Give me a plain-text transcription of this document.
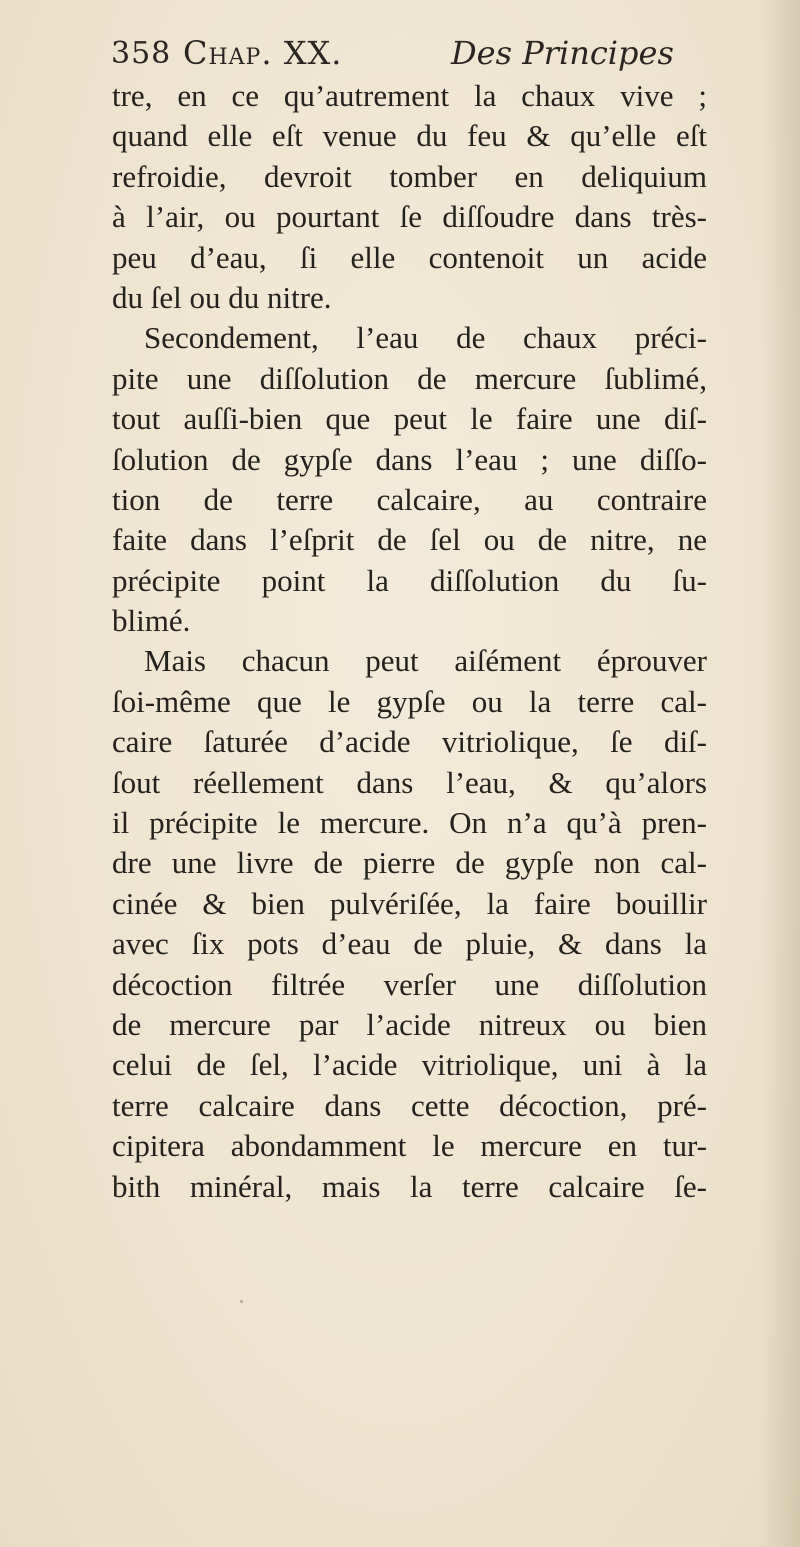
358 Chap. XX.	Des Principes
tre, en ce qu’autrement la chaux vive ;
quand elle eſt venue du feu & qu’elle eſt
refroidie, devroit tomber en deliquium
à l’air, ou pourtant ſe diſſoudre dans très-
peu d’eau, ſi elle contenoit un acide
du ſel ou du nitre.
Secondement, l’eau de chaux préci-
pite une diſſolution de mercure ſublimé,
tout auſſi-bien que peut le faire une diſ-
ſolution de gypſe dans l’eau ; une diſſo-
tion de terre calcaire, au contraire
faite dans l’eſprit de ſel ou de nitre, ne
précipite point la diſſolution du ſu-
blimé.
Mais chacun peut aiſément éprouver
ſoi-même que le gypſe ou la terre cal-
caire ſaturée d’acide vitriolique, ſe diſ-
ſout réellement dans l’eau, & qu’alors
il précipite le mercure. On n’a qu’à pren-
dre une livre de pierre de gypſe non cal-
cinée & bien pulvériſée, la faire bouillir
avec ſix pots d’eau de pluie, & dans la
décoction filtrée verſer une diſſolution
de mercure par l’acide nitreux ou bien
celui de ſel, l’acide vitriolique, uni à la
terre calcaire dans cette décoction, pré-
cipitera abondamment le mercure en tur-
bith minéral, mais la terre calcaire ſe-
